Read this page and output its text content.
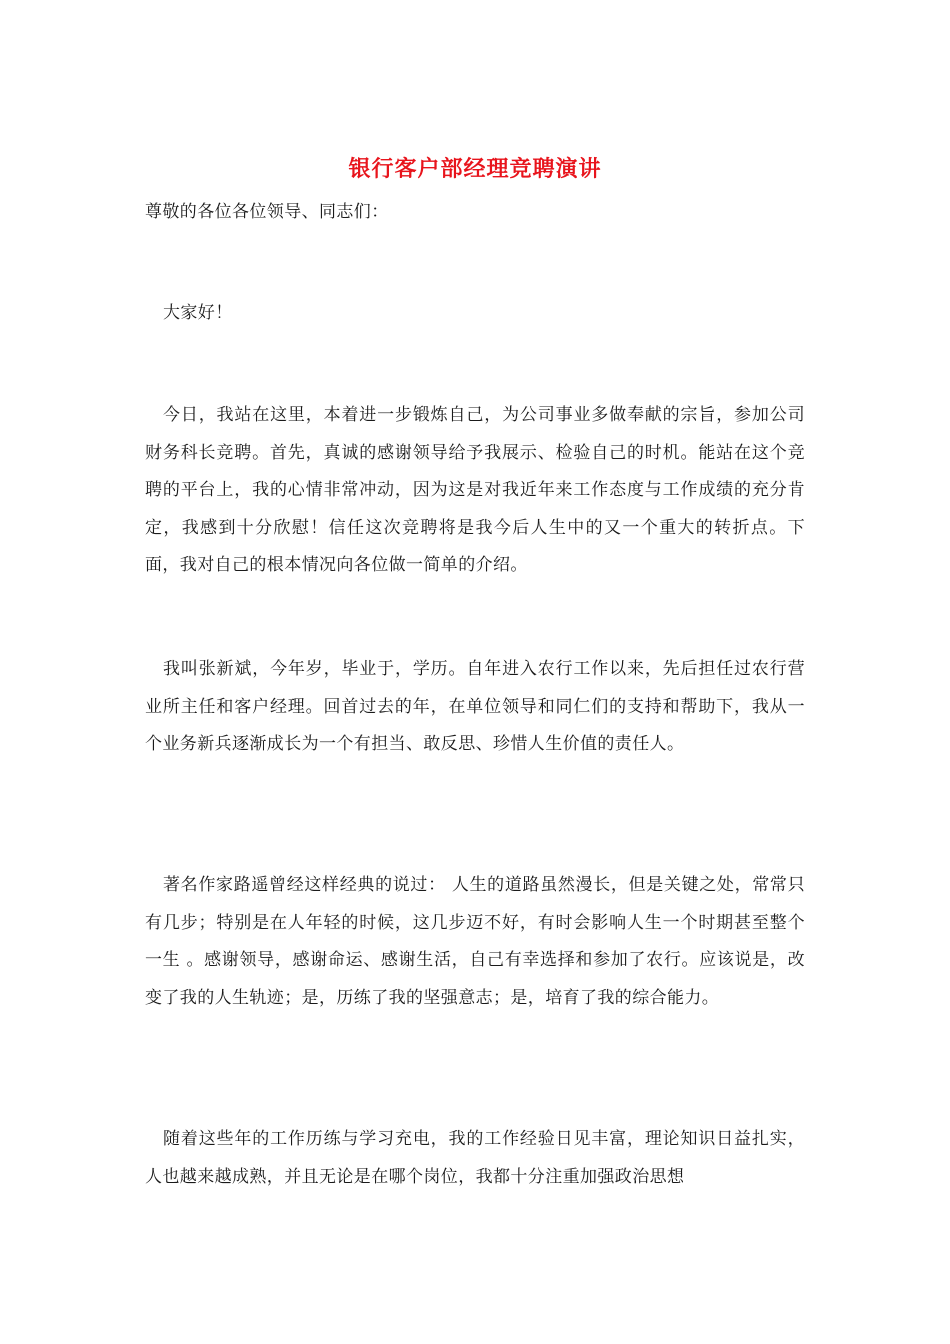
银行客户部经理竞聘演讲
尊敬的各位各位领导、同志们：
大家好！

今日，我站在这里，本着进一步锻炼自己，为公司事业多做奉献的宗旨，参加公司财务科长竞聘。首先，真诚的感谢领导给予我展示、检验自己的时机。能站在这个竞聘的平台上，我的心情非常冲动，因为这是对我近年来工作态度与工作成绩的充分肯定，我感到十分欣慰！信任这次竞聘将是我今后人生中的又一个重大的转折点。下面，我对自己的根本情况向各位做一简单的介绍。

我叫张新斌，今年岁，毕业于，学历。自年进入农行工作以来，先后担任过农行营业所主任和客户经理。回首过去的年，在单位领导和同仁们的支持和帮助下，我从一个业务新兵逐渐成长为一个有担当、敢反思、珍惜人生价值的责任人。

著名作家路遥曾经这样经典的说过： 人生的道路虽然漫长，但是关键之处，常常只有几步；特别是在人年轻的时候，这几步迈不好，有时会影响人生一个时期甚至整个一生 。感谢领导，感谢命运、感谢生活，自己有幸选择和参加了农行。应该说是，改变了我的人生轨迹；是，历练了我的坚强意志；是，培育了我的综合能力。

随着这些年的工作历练与学习充电，我的工作经验日见丰富，理论知识日益扎实，人也越来越成熟，并且无论是在哪个岗位，我都十分注重加强政治思想
